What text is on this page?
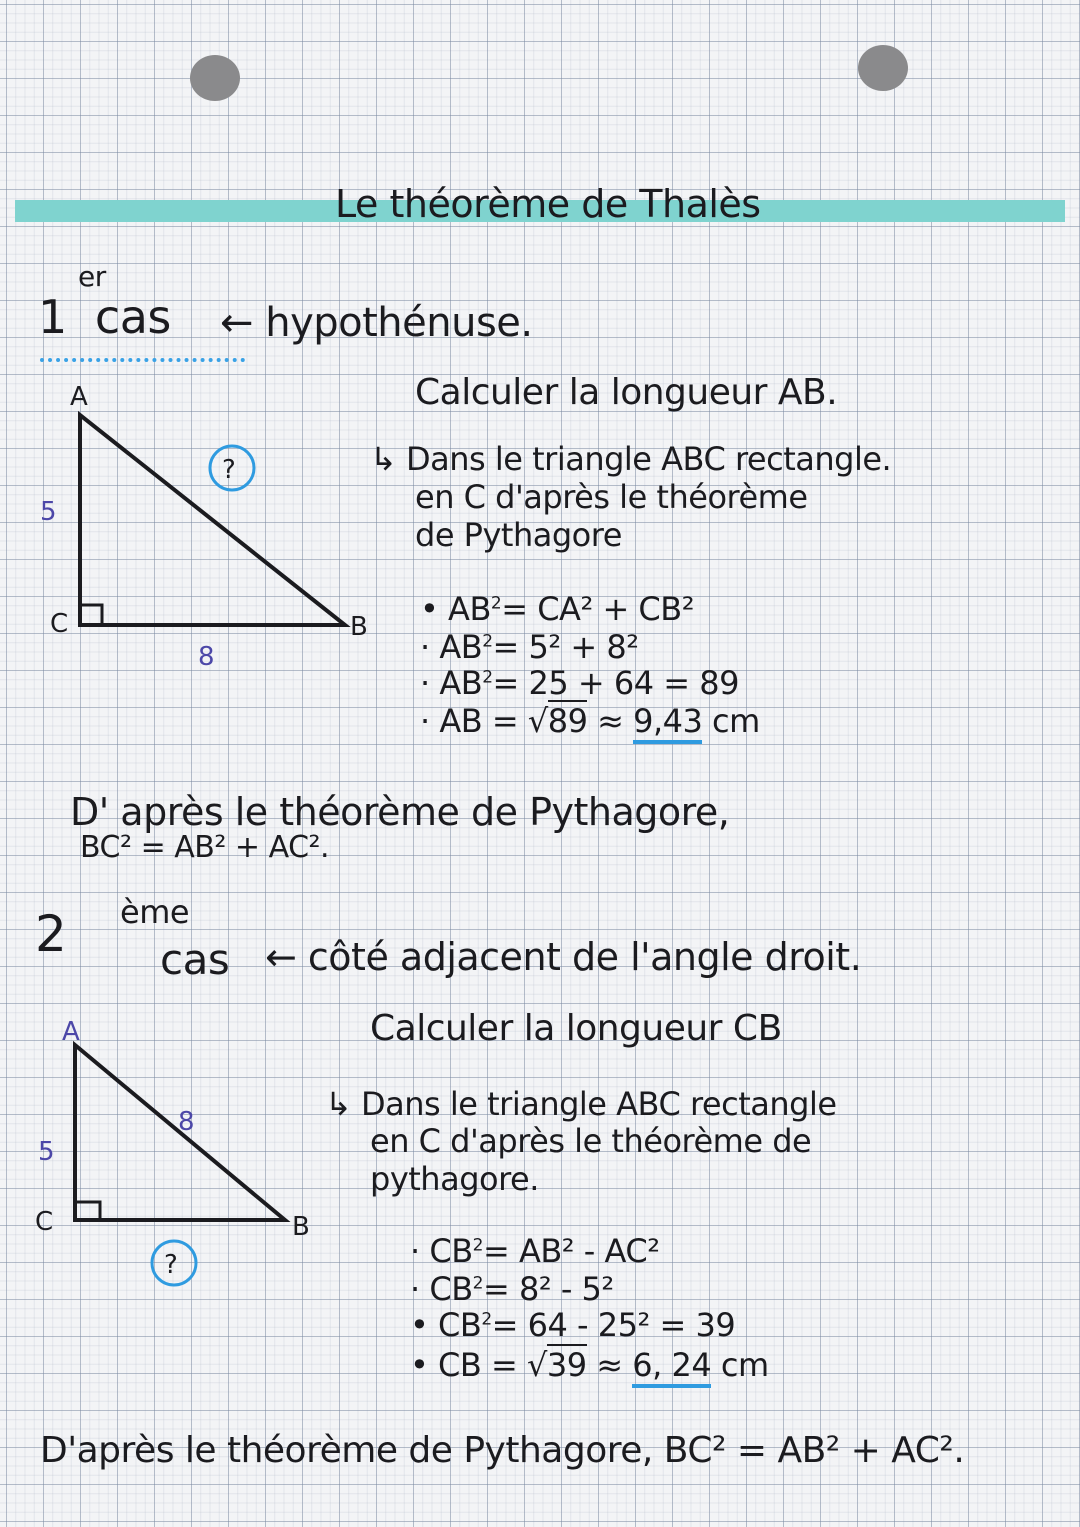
Le théorème de Thalès
1
er
cas ← hypothénuse.
A
C	B
5
8
?
Calculer la longueur AB.
↳ Dans le triangle ABC rectangle.
en C d'après le théorème
de Pythagore
• $AB^2= CA^2 + CB^2$
· $AB^2= 5^2 + 8^2$
· $AB^2= 25 + 64 = 89$
· AB = √89 ≈ 9,43 cm
D' après le théorème de Pythagore,
BC² = AB² + AC².
2 ème
cas ← côté adjacent de l'angle droit.
A
C	B
5
8
?
Calculer la longueur CB
↳ Dans le triangle ABC rectangle
en C d'après le théorème de
pythagore.
· $CB^2= AB^2 - AC^2$
· $CB^2= 8^2 - 5^2$
• $CB^2= 64 - 25^2 = 39$
• CB = √39 ≈ 6, 24 cm
D'après le théorème de Pythagore, BC² = AB² + AC².
